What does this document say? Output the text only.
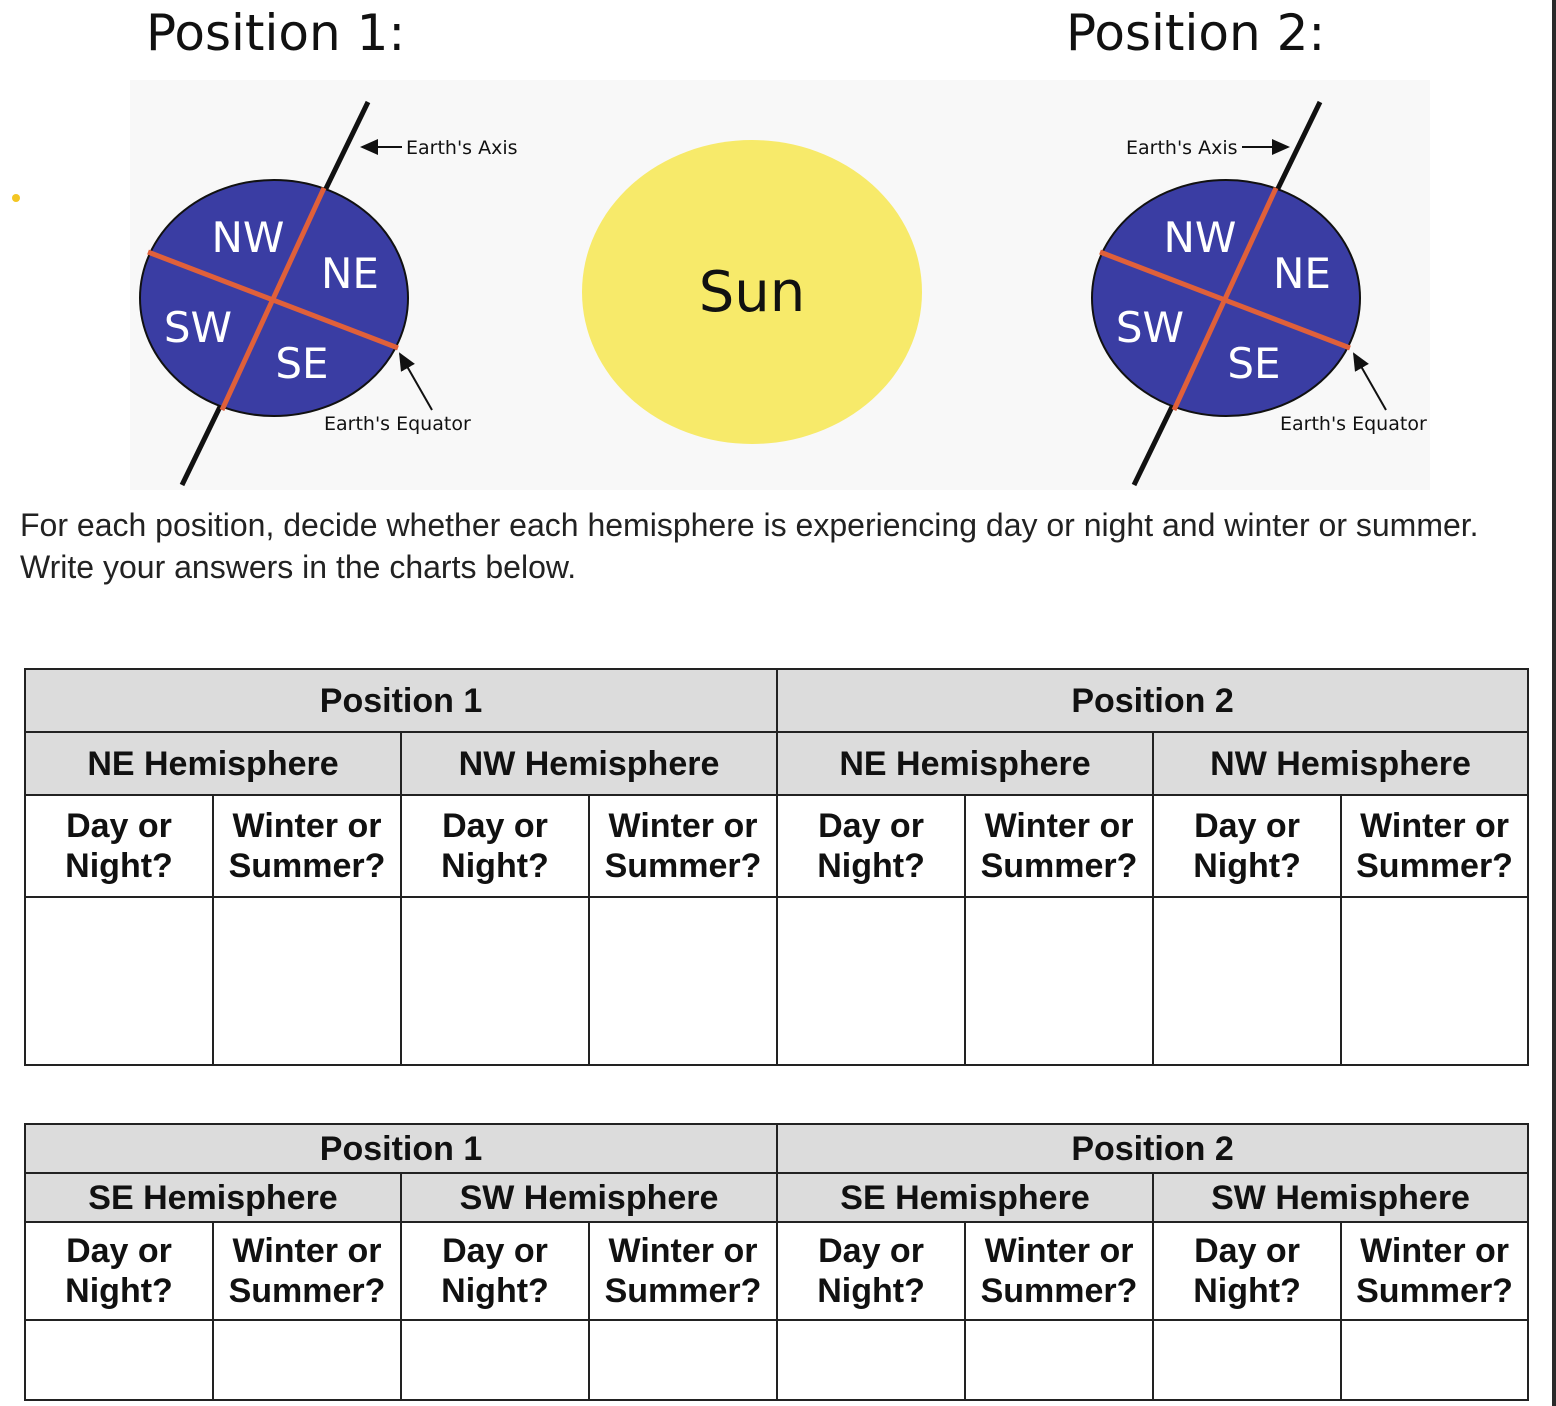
Position 1:	Position 2:
NW
NE
SW
SE
Earth's Axis
Earth's Equator
Sun
NW
NE
SW
SE
Earth's Axis
Earth's Equator
For each position, decide whether each hemisphere is experiencing day or night and winter or summer. Write your answers in the charts below.
Position 1				Position 2			
NE Hemisphere		NW Hemisphere		NE Hemisphere		NW Hemisphere	

Day or
Night?	Winter or
Summer?	Day or
Night?	Winter or
Summer?	Day or
Night?	Winter or
Summer?	Day or
Night?	Winter or
Summer?

Position 1				Position 2			
SE Hemisphere		SW Hemisphere		SE Hemisphere		SW Hemisphere	

Day or
Night?	Winter or
Summer?	Day or
Night?	Winter or
Summer?	Day or
Night?	Winter or
Summer?	Day or
Night?	Winter or
Summer?
